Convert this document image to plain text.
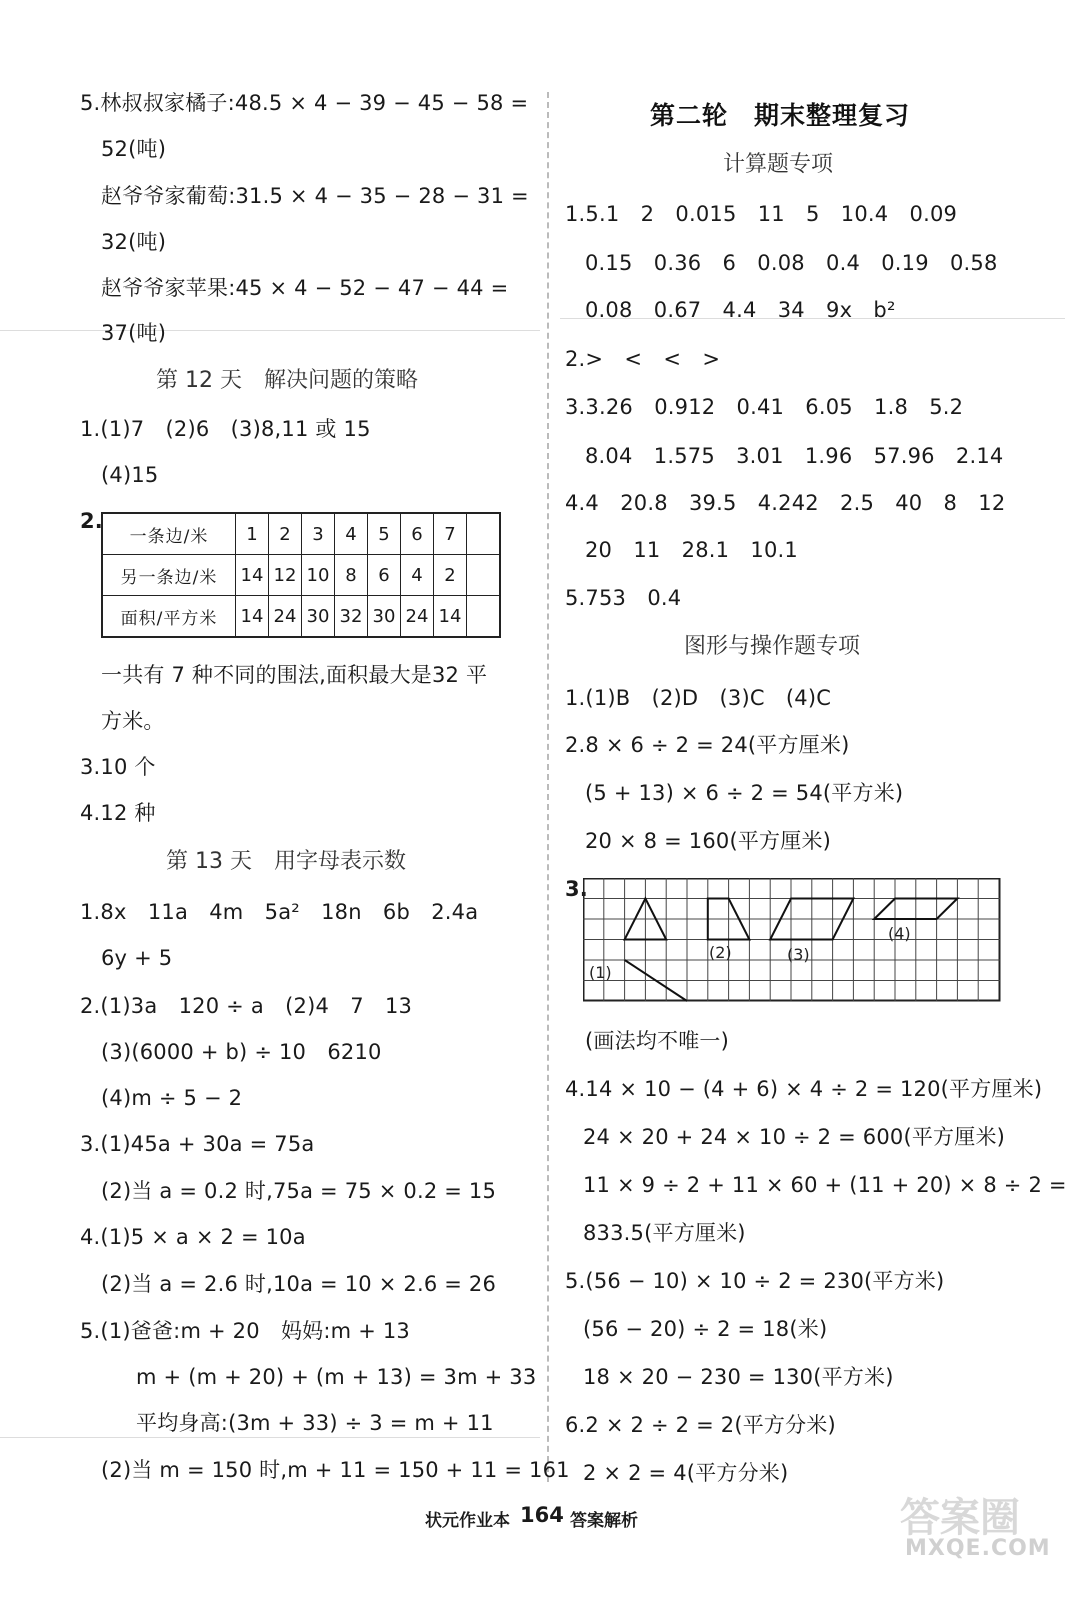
5.林叔叔家橘子:48.5 × 4 − 39 − 45 − 58 =
52(吨)
赵爷爷家葡萄:31.5 × 4 − 35 − 28 − 31 =
32(吨)
赵爷爷家苹果:45 × 4 − 52 − 47 − 44 =
37(吨)
第 12 天　解决问题的策略
1.(1)7　(2)6　(3)8,11 或 15
(4)15
2.
一条边/米	1	2	3	4	5	6	7	
另一条边/米	14	12	10	8	6	4	2	
面积/平方米	14	24	30	32	30	24	14	
一共有 7 种不同的围法,面积最大是32 平
方米。
3.10 个
4.12 种
第 13 天　用字母表示数
1.8x　11a　4m　5a²　18n　6b　2.4a
6y + 5
2.(1)3a　120 ÷ a　(2)4　7　13
(3)(6000 + b) ÷ 10　6210
(4)m ÷ 5 − 2
3.(1)45a + 30a = 75a
(2)当 a = 0.2 时,75a = 75 × 0.2 = 15
4.(1)5 × a × 2 = 10a
(2)当 a = 2.6 时,10a = 10 × 2.6 = 26
5.(1)爸爸:m + 20　妈妈:m + 13
m + (m + 20) + (m + 13) = 3m + 33
平均身高:(3m + 33) ÷ 3 = m + 11
(2)当 m = 150 时,m + 11 = 150 + 11 = 161
第二轮　期末整理复习
计算题专项
1.5.1　2　0.015　11　5　10.4　0.09
0.15　0.36　6　0.08　0.4　0.19　0.58
0.08　0.67　4.4　34　9x　b²
2.>　<　<　>
3.3.26　0.912　0.41　6.05　1.8　5.2
8.04　1.575　3.01　1.96　57.96　2.14
4.4　20.8　39.5　4.242　2.5　40　8　12
20　11　28.1　10.1
5.753　0.4
图形与操作题专项
1.(1)B　(2)D　(3)C　(4)C
2.8 × 6 ÷ 2 = 24(平方厘米)
(5 + 13) × 6 ÷ 2 = 54(平方米)
20 × 8 = 160(平方厘米)
3.
(1)
(2)	(3)
(4)
(画法均不唯一)
4.14 × 10 − (4 + 6) × 4 ÷ 2 = 120(平方厘米)
24 × 20 + 24 × 10 ÷ 2 = 600(平方厘米)
11 × 9 ÷ 2 + 11 × 60 + (11 + 20) × 8 ÷ 2 =
833.5(平方厘米)
5.(56 − 10) × 10 ÷ 2 = 230(平方米)
(56 − 20) ÷ 2 = 18(米)
18 × 20 − 230 = 130(平方米)
6.2 × 2 ÷ 2 = 2(平方分米)
2 × 2 = 4(平方分米)
状元作业本 164 答案解析	答案圈
MXQE.COM
